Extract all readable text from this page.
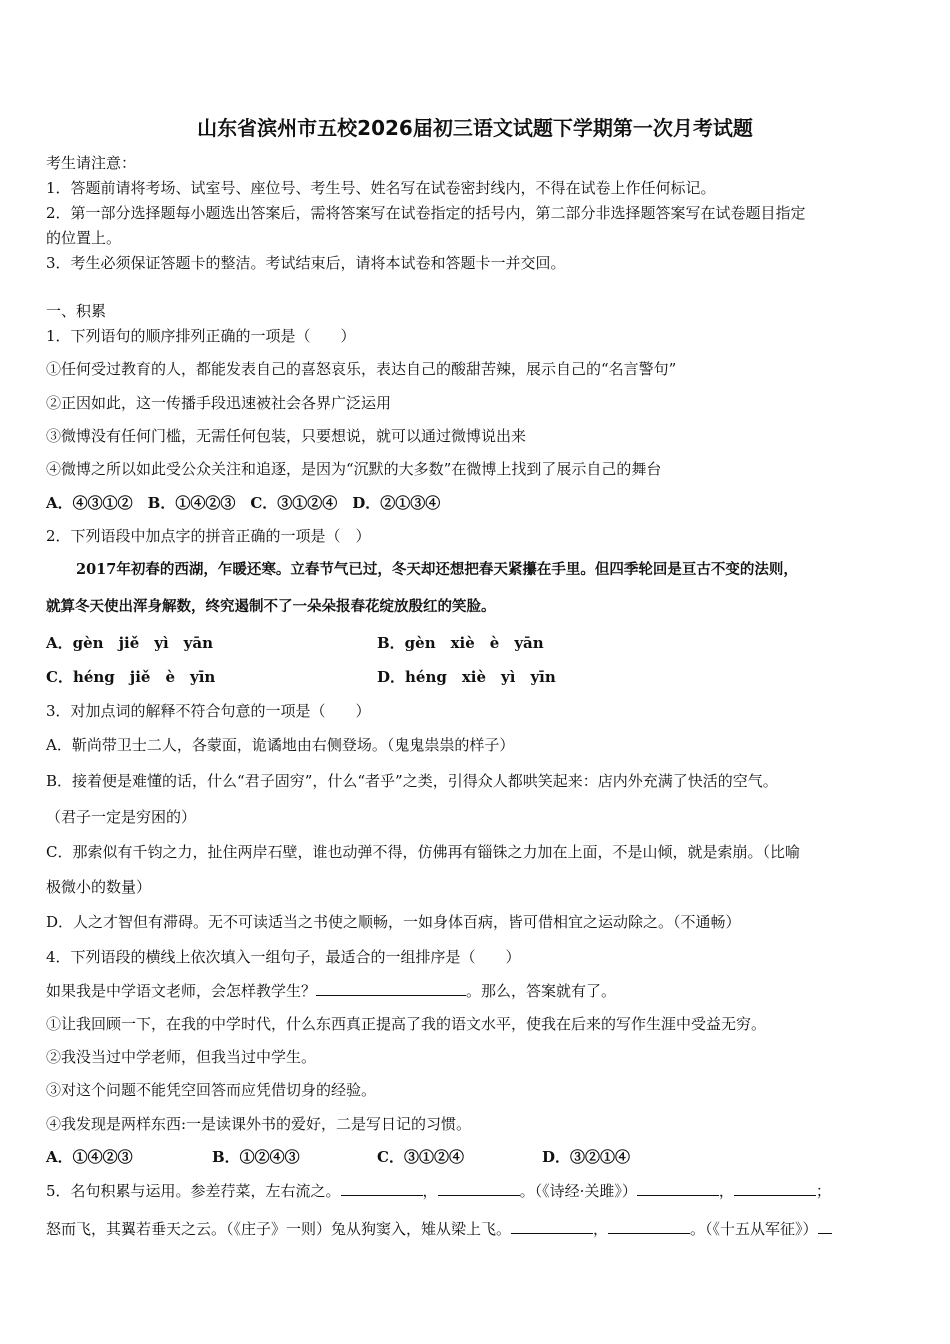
山东省滨州市五校2026届初三语文试题下学期第一次月考试题
考生请注意：
1．答题前请将考场、试室号、座位号、考生号、姓名写在试卷密封线内，不得在试卷上作任何标记。
2．第一部分选择题每小题选出答案后，需将答案写在试卷指定的括号内，第二部分非选择题答案写在试卷题目指定
的位置上。
3．考生必须保证答题卡的整洁。考试结束后，请将本试卷和答题卡一并交回。
一、积累
1．下列语句的顺序排列正确的一项是（　　）
①任何受过教育的人，都能发表自己的喜怒哀乐，表达自己的酸甜苦辣，展示自己的“名言警句”
②正因如此，这一传播手段迅速被社会各界广泛运用
③微博没有任何门槛，无需任何包装，只要想说，就可以通过微博说出来
④微博之所以如此受公众关注和追逐，是因为“沉默的大多数”在微博上找到了展示自己的舞台
A．④③①②　B．①④②③　C．③①②④　D．②①③④
2．下列语段中加点字的拼音正确的一项是（　）
2017年初春的西湖，乍暖还寒。立春节气已过，冬天却还想把春天紧攥在手里。但四季轮回是亘古不变的法则，
就算冬天使出浑身解数，终究遏制不了一朵朵报春花绽放殷红的笑脸。
A．gèn　jiě　yì　yān	B．gèn　xiè　è　yān
C．héng　jiě　è　yīn	D．héng　xiè　yì　yīn
3．对加点词的解释不符合句意的一项是（　　）
A．靳尚带卫士二人，各蒙面，诡谲地由右侧登场。（鬼鬼祟祟的样子）
B．接着便是难懂的话，什么“君子固穷”，什么“者乎”之类，引得众人都哄笑起来：店内外充满了快活的空气。
（君子一定是穷困的）
C．那索似有千钧之力，扯住两岸石壁，谁也动弹不得，仿佛再有锱铢之力加在上面，不是山倾，就是索崩。（比喻
极微小的数量）
D．人之才智但有滞碍。无不可读适当之书使之顺畅，一如身体百病，皆可借相宜之运动除之。（不通畅）
4．下列语段的横线上依次填入一组句子，最适合的一组排序是（　　）
如果我是中学语文老师，会怎样教学生？	。那么，答案就有了。
①让我回顾一下，在我的中学时代，什么东西真正提高了我的语文水平，使我在后来的写作生涯中受益无穷。
②我没当过中学老师，但我当过中学生。
③对这个问题不能凭空回答而应凭借切身的经验。
④我发现是两样东西:一是读课外书的爱好，二是写日记的习惯。
A．①④②③	B．①②④③	C．③①②④	D．③②①④
5．名句积累与运用。参差荇菜，左右流之。	，	。（《诗经·关雎》）	，	；
怒而飞，其翼若垂天之云。（《庄子》一则）兔从狗窦入，雉从梁上飞。	，	。（《十五从军征》）
